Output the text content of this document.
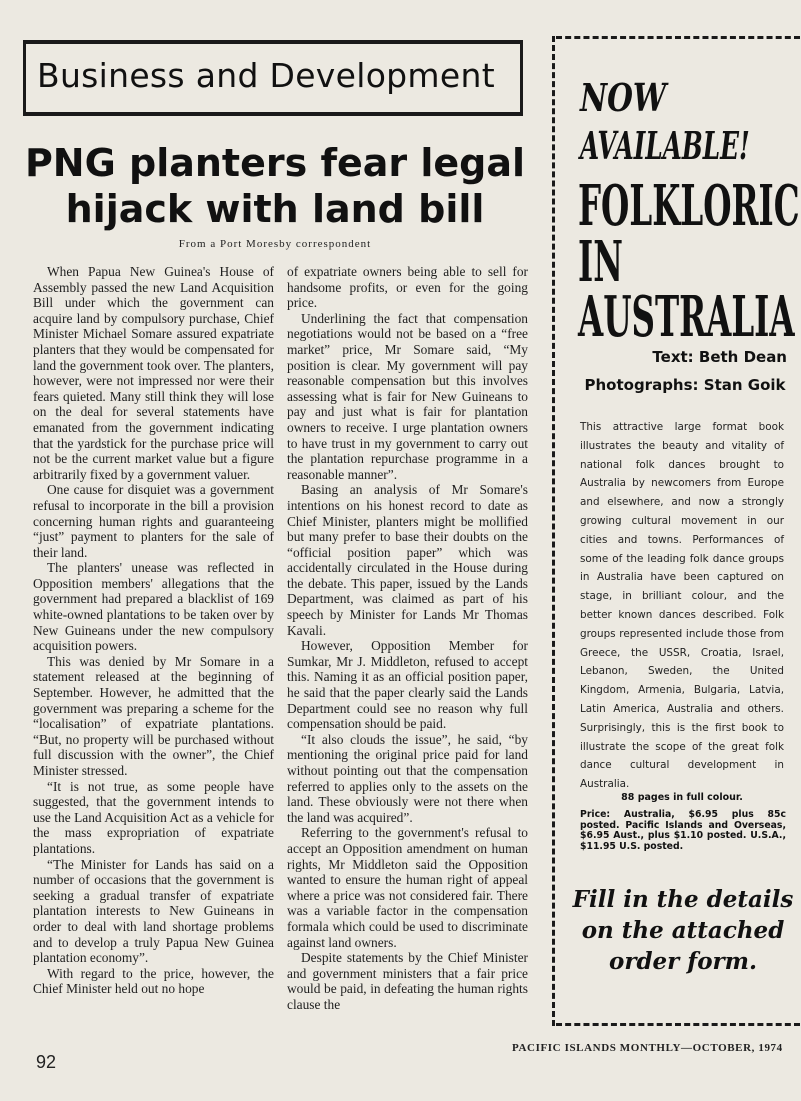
Business and Development
PNG planters fear legal
hijack with land bill
From a Port Moresby correspondent

When Papua New Guinea's House of Assembly passed the new Land Acquisition Bill under which the government can acquire land by compulsory purchase, Chief Minister Michael Somare assured expatriate planters that they would be compensated for land the government took over. The planters, however, were not impressed nor were their fears quieted. Many still think they will lose on the deal for several statements have emanated from the government indicating that the yardstick for the purchase price will not be the current market value but a figure arbitrarily fixed by a government valuer.

One cause for disquiet was a government refusal to incorporate in the bill a provision concerning human rights and guaranteeing “just” payment to planters for the sale of their land.

The planters' unease was reflected in Opposition members' allegations that the government had prepared a blacklist of 169 white-owned plantations to be taken over by New Guineans under the new compulsory acquisition powers.

This was denied by Mr Somare in a statement released at the beginning of September. However, he admitted that the government was preparing a scheme for the “localisation” of expatriate plantations. “But, no property will be purchased without full discussion with the owner”, the Chief Minister stressed.

“It is not true, as some people have suggested, that the government intends to use the Land Acquisition Act as a vehicle for the mass expropriation of expatriate plantations.

“The Minister for Lands has said on a number of occasions that the government is seeking a gradual transfer of expatriate plantation interests to New Guineans in order to deal with land shortage problems and to develop a truly Papua New Guinea plantation economy”.

With regard to the price, however, the Chief Minister held out no hope

of expatriate owners being able to sell for handsome profits, or even for the going price.

Underlining the fact that compensation negotiations would not be based on a “free market” price, Mr Somare said, “My position is clear. My government will pay reasonable compensation but this involves assessing what is fair for New Guineans to pay and just what is fair for plantation owners to receive. I urge plantation owners to have trust in my government to carry out the plantation repurchase programme in a reasonable manner”.

Basing an analysis of Mr Somare's intentions on his honest record to date as Chief Minister, planters might be mollified but many prefer to base their doubts on the “official position paper” which was accidentally circulated in the House during the debate. This paper, issued by the Lands Department, was claimed as part of his speech by Minister for Lands Mr Thomas Kavali.

However, Opposition Member for Sumkar, Mr J. Middleton, refused to accept this. Naming it as an official position paper, he said that the paper clearly said the Lands Department could see no reason why full compensation should be paid.

“It also clouds the issue”, he said, “by mentioning the original price paid for land without pointing out that the compensation referred to applies only to the assets on the land. These obviously were not there when the land was acquired”.

Referring to the government's refusal to accept an Opposition amendment on human rights, Mr Middleton said the Opposition wanted to ensure the human right of appeal where a price was not considered fair. There was a variable factor in the compensation formala which could be used to discriminate against land owners.

Despite statements by the Chief Minister and government ministers that a fair price would be paid, in defeating the human rights clause the

NOW
AVAILABLE!
FOLKLORIC
IN
AUSTRALIA
Text: Beth Dean
Photographs: Stan Goik

This attractive large format book illustrates the beauty and vitality of national folk dances brought to Australia by newcomers from Europe and elsewhere, and now a strongly growing cultural movement in our cities and towns. Performances of some of the leading folk dance groups in Australia have been captured on stage, in brilliant colour, and the better known dances described. Folk groups represented include those from Greece, the USSR, Croatia, Israel, Lebanon, Sweden, the United Kingdom, Armenia, Bulgaria, Latvia, Latin America, Australia and others. Surprisingly, this is the first book to illustrate the scope of the great folk dance cultural development in Australia.

88 pages in full colour.

Price: Australia, $6.95 plus 85c posted. Pacific Islands and Overseas, $6.95 Aust., plus $1.10 posted. U.S.A., $11.95 U.S. posted.

Fill in the details
on the attached
order form.
92
PACIFIC ISLANDS MONTHLY—OCTOBER, 1974
